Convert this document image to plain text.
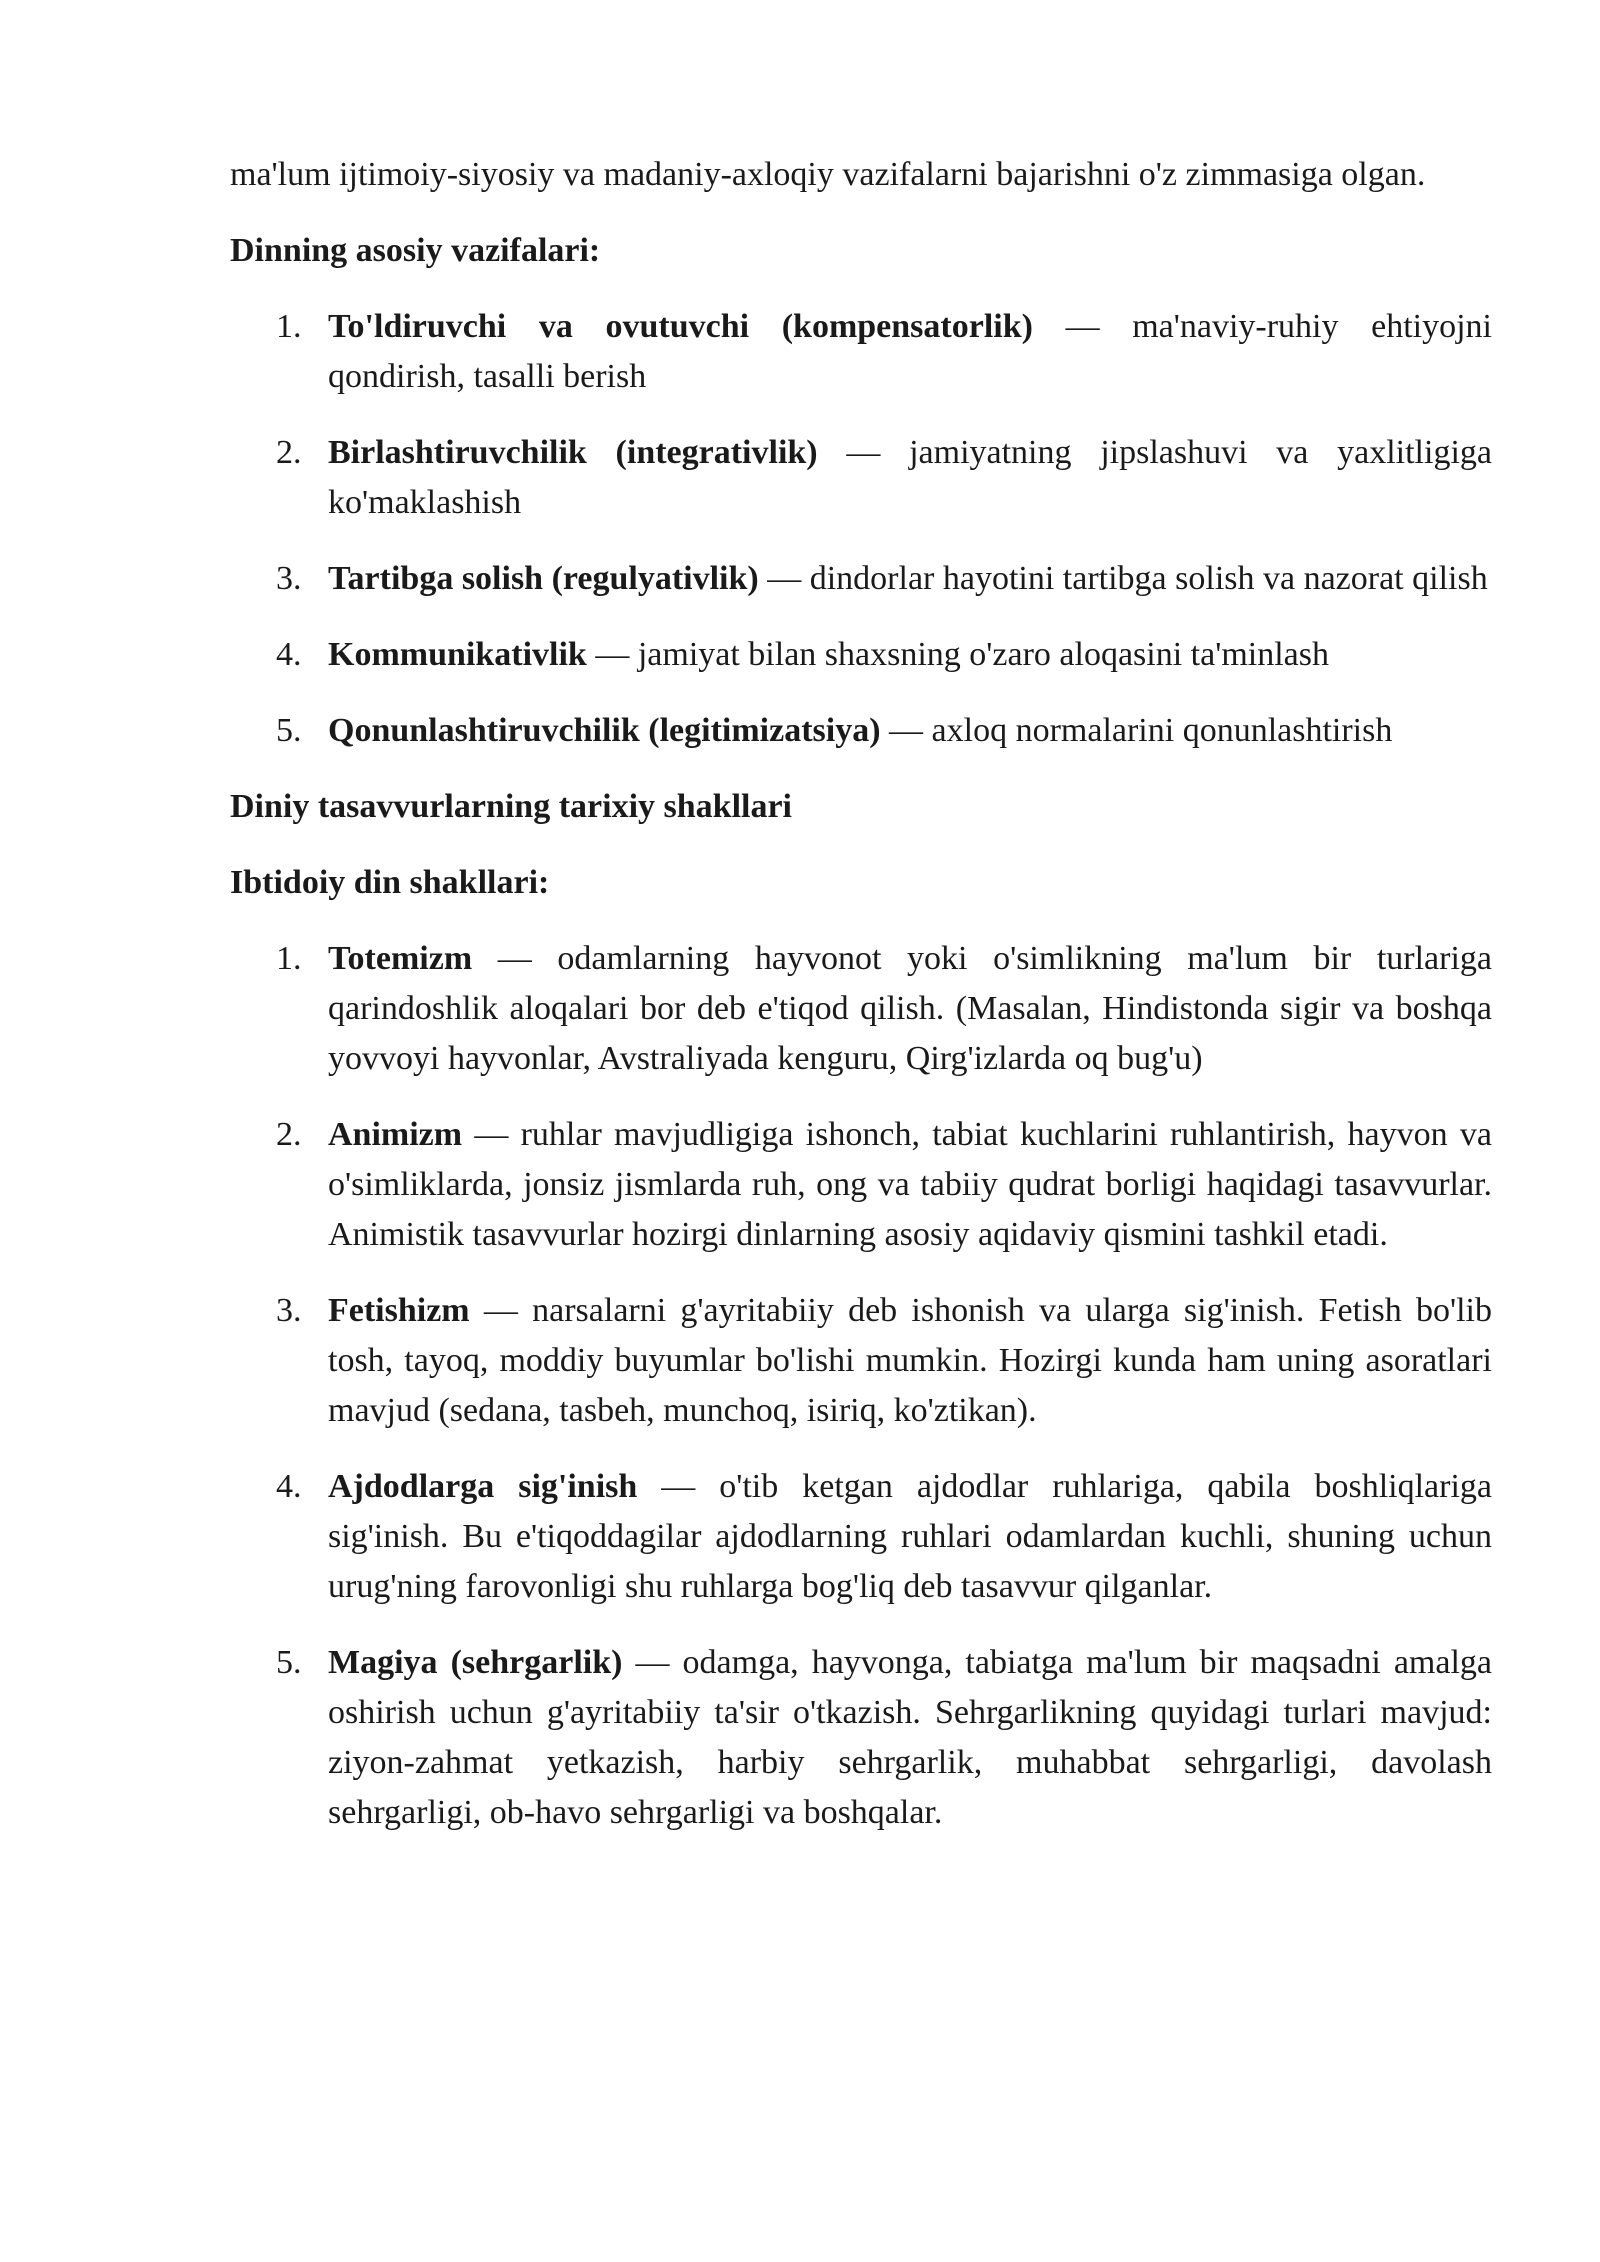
ma'lum ijtimoiy-siyosiy va madaniy-axloqiy vazifalarni bajarishni o'z zimmasiga olgan.

Dinning asosiy vazifalari:

1. To'ldiruvchi va ovutuvchi (kompensatorlik) — ma'naviy-ruhiy ehtiyojni qondirish, tasalli berish
2. Birlashtiruvchilik (integrativlik) — jamiyatning jipslashuvi va yaxlitligiga ko'maklashish
3. Tartibga solish (regulyativlik) — dindorlar hayotini tartibga solish va nazorat qilish
4. Kommunikativlik — jamiyat bilan shaxsning o'zaro aloqasini ta'minlash
5. Qonunlashtiruvchilik (legitimizatsiya) — axloq normalarini qonunlashtirish

Diniy tasavvurlarning tarixiy shakllari

Ibtidoiy din shakllari:

1. Totemizm — odamlarning hayvonot yoki o'simlikning ma'lum bir turlariga qarindoshlik aloqalari bor deb e'tiqod qilish. (Masalan, Hindistonda sigir va boshqa yovvoyi hayvonlar, Avstraliyada kenguru, Qirg'izlarda oq bug'u)
2. Animizm — ruhlar mavjudligiga ishonch, tabiat kuchlarini ruhlantirish, hayvon va o'simliklarda, jonsiz jismlarda ruh, ong va tabiiy qudrat borligi haqidagi tasavvurlar. Animistik tasavvurlar hozirgi dinlarning asosiy aqidaviy qismini tashkil etadi.
3. Fetishizm — narsalarni g'ayritabiiy deb ishonish va ularga sig'inish. Fetish bo'lib tosh, tayoq, moddiy buyumlar bo'lishi mumkin. Hozirgi kunda ham uning asoratlari mavjud (sedana, tasbeh, munchoq, isiriq, ko'ztikan).
4. Ajdodlarga sig'inish — o'tib ketgan ajdodlar ruhlariga, qabila boshliqlariga sig'inish. Bu e'tiqoddagilar ajdodlarning ruhlari odamlardan kuchli, shuning uchun urug'ning farovonligi shu ruhlarga bog'liq deb tasavvur qilganlar.
5. Magiya (sehrgarlik) — odamga, hayvonga, tabiatga ma'lum bir maqsadni amalga oshirish uchun g'ayritabiiy ta'sir o'tkazish. Sehrgarlikning quyidagi turlari mavjud: ziyon-zahmat yetkazish, harbiy sehrgarlik, muhabbat sehrgarligi, davolash sehrgarligi, ob-havo sehrgarligi va boshqalar.
